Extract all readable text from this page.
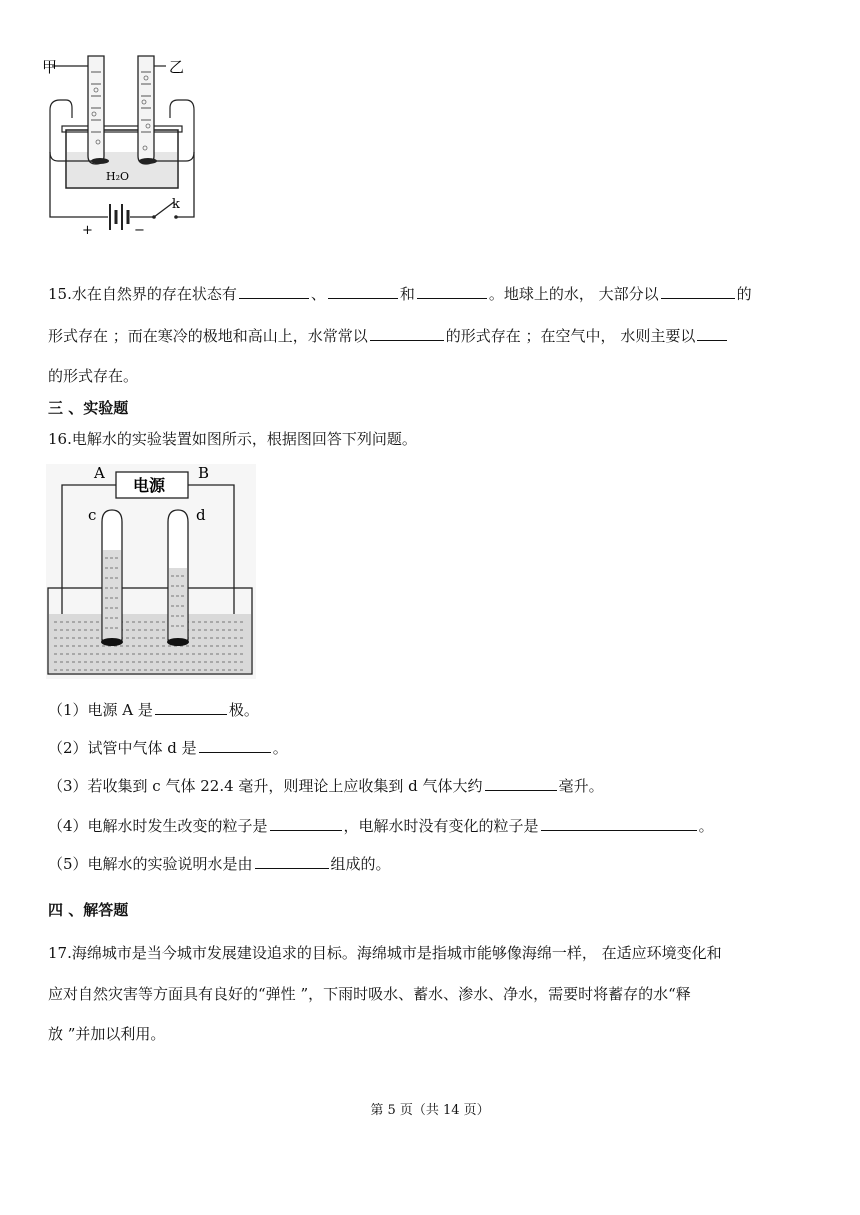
甲	乙
H₂O
+	−
k
15.水在自然界的存在状态有	、	和	。地球上的水， 大部分以	的
形式存在 ；而在寒冷的极地和高山上，水常常以	的形式存在 ；在空气中， 水则主要以
的形式存在。
三 、实验题
16.电解水的实验装置如图所示，根据图回答下列问题。
电源
A	B
c	d
（1）电源 A 是	极。
（2）试管中气体 d 是	。
（3）若收集到 c 气体 22.4 毫升，则理论上应收集到 d 气体大约	毫升。
（4）电解水时发生改变的粒子是	，电解水时没有变化的粒子是	。
（5）电解水的实验说明水是由	组成的。
四 、解答题
17.海绵城市是当今城市发展建设追求的目标。海绵城市是指城市能够像海绵一样， 在适应环境变化和
应对自然灾害等方面具有良好的“弹性 ”，下雨时吸水、蓄水、渗水、净水，需要时将蓄存的水“释
放 ”并加以利用。
第 5 页（共 14 页）
